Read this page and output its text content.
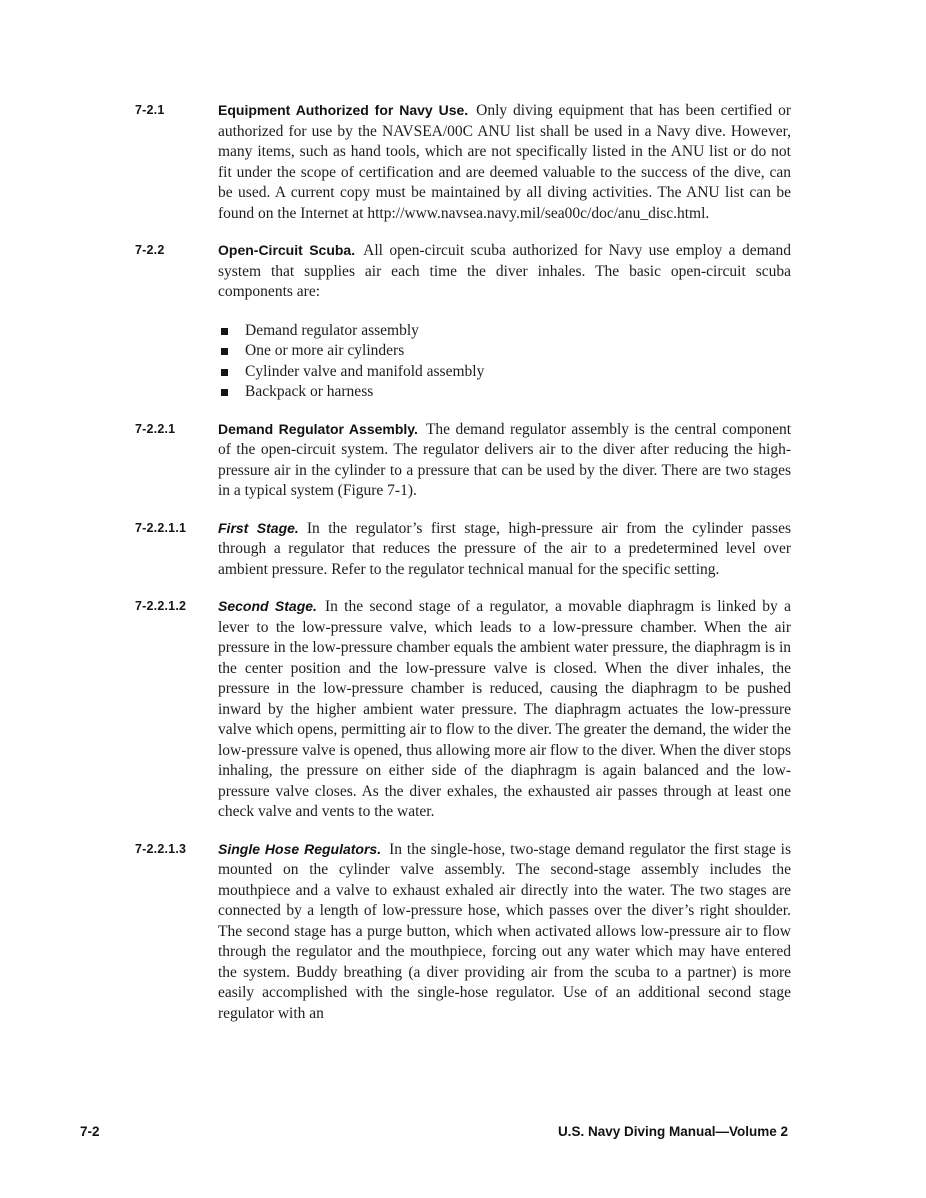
7-2.1	Equipment Authorized for Navy Use. Only diving equipment that has been certified or authorized for use by the NAVSEA/00C ANU list shall be used in a Navy dive. However, many items, such as hand tools, which are not specifically listed in the ANU list or do not fit under the scope of certification and are deemed valuable to the success of the dive, can be used. A current copy must be maintained by all diving activities. The ANU list can be found on the Internet at http://www.navsea.navy.mil/sea00c/doc/anu_disc.html.
7-2.2	Open-Circuit Scuba. All open-circuit scuba authorized for Navy use employ a demand system that supplies air each time the diver inhales. The basic open-circuit scuba components are:
Demand regulator assembly
One or more air cylinders
Cylinder valve and manifold assembly
Backpack or harness
7-2.2.1	Demand Regulator Assembly. The demand regulator assembly is the central component of the open-circuit system. The regulator delivers air to the diver after reducing the high-pressure air in the cylinder to a pressure that can be used by the diver. There are two stages in a typical system (Figure 7-1).
7-2.2.1.1	First Stage. In the regulator’s first stage, high-pressure air from the cylinder passes through a regulator that reduces the pressure of the air to a predetermined level over ambient pressure. Refer to the regulator technical manual for the specific setting.
7-2.2.1.2	Second Stage. In the second stage of a regulator, a movable diaphragm is linked by a lever to the low-pressure valve, which leads to a low-pressure chamber. When the air pressure in the low-pressure chamber equals the ambient water pressure, the diaphragm is in the center position and the low-pressure valve is closed. When the diver inhales, the pressure in the low-pressure chamber is reduced, causing the diaphragm to be pushed inward by the higher ambient water pressure. The diaphragm actuates the low-pressure valve which opens, permitting air to flow to the diver. The greater the demand, the wider the low-pressure valve is opened, thus allowing more air flow to the diver. When the diver stops inhaling, the pressure on either side of the diaphragm is again balanced and the low-pressure valve closes. As the diver exhales, the exhausted air passes through at least one check valve and vents to the water.
7-2.2.1.3	Single Hose Regulators. In the single-hose, two-stage demand regulator the first stage is mounted on the cylinder valve assembly. The second-stage assembly includes the mouthpiece and a valve to exhaust exhaled air directly into the water. The two stages are connected by a length of low-pressure hose, which passes over the diver’s right shoulder. The second stage has a purge button, which when activated allows low-pressure air to flow through the regulator and the mouthpiece, forcing out any water which may have entered the system. Buddy breathing (a diver providing air from the scuba to a partner) is more easily accomplished with the single-hose regulator. Use of an additional second stage regulator with an
7-2	U.S. Navy Diving Manual—Volume 2
